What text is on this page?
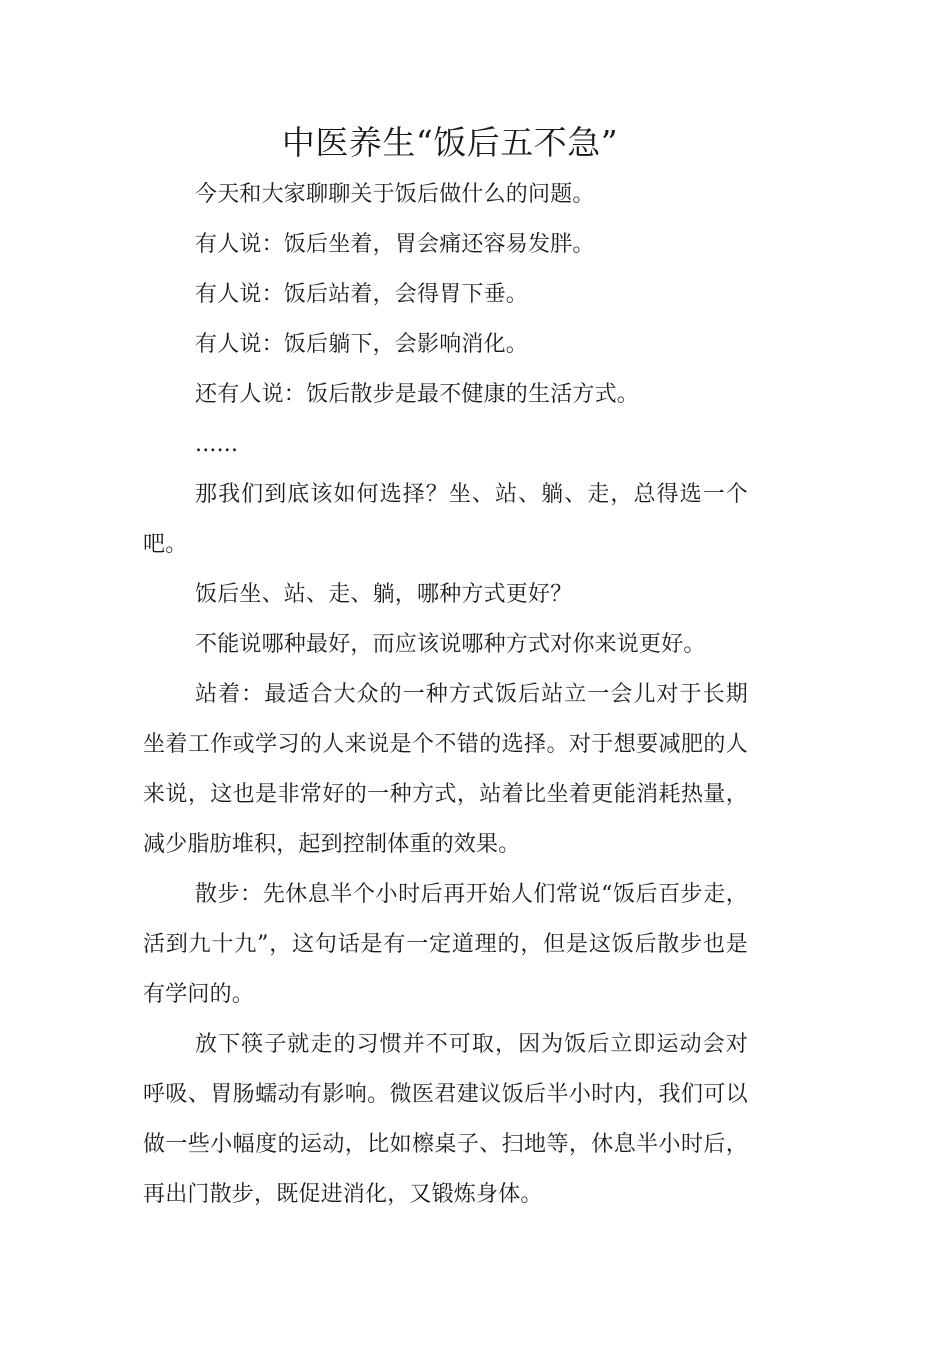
中医养生“饭后五不急”

今天和大家聊聊关于饭后做什么的问题。

有人说：饭后坐着，胃会痛还容易发胖。

有人说：饭后站着，会得胃下垂。

有人说：饭后躺下，会影响消化。

还有人说：饭后散步是最不健康的生活方式。

......

那我们到底该如何选择？坐、站、躺、走，总得选一个吧。

饭后坐、站、走、躺，哪种方式更好？

不能说哪种最好，而应该说哪种方式对你来说更好。

站着：最适合大众的一种方式饭后站立一会儿对于长期坐着工作或学习的人来说是个不错的选择。对于想要减肥的人来说，这也是非常好的一种方式，站着比坐着更能消耗热量，减少脂肪堆积，起到控制体重的效果。

散步：先休息半个小时后再开始人们常说“饭后百步走，活到九十九”，这句话是有一定道理的，但是这饭后散步也是有学问的。

放下筷子就走的习惯并不可取，因为饭后立即运动会对呼吸、胃肠蠕动有影响。微医君建议饭后半小时内，我们可以做一些小幅度的运动，比如檫桌子、扫地等，休息半小时后，再出门散步，既促进消化，又锻炼身体。
